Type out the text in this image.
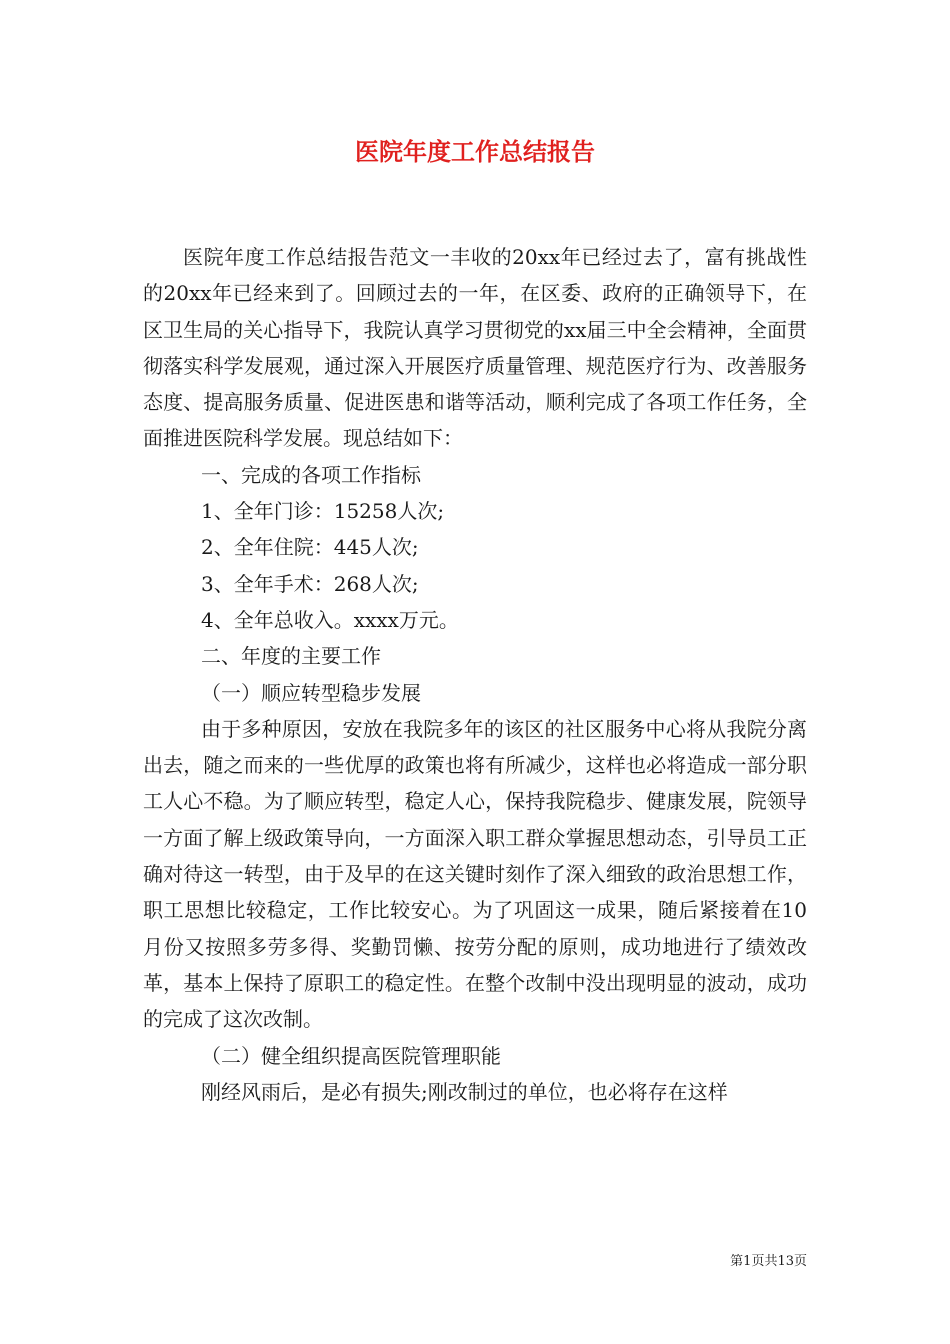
医院年度工作总结报告

医院年度工作总结报告范文一丰收的20xx年已经过去了，富有挑战性的20xx年已经来到了。回顾过去的一年，在区委、政府的正确领导下，在区卫生局的关心指导下，我院认真学习贯彻党的xx届三中全会精神，全面贯彻落实科学发展观，通过深入开展医疗质量管理、规范医疗行为、改善服务态度、提高服务质量、促进医患和谐等活动，顺利完成了各项工作任务，全面推进医院科学发展。现总结如下：

一、完成的各项工作指标

1、全年门诊：15258人次;

2、全年住院：445人次;

3、全年手术：268人次;

4、全年总收入。xxxx万元。

二、年度的主要工作

（一）顺应转型稳步发展

由于多种原因，安放在我院多年的该区的社区服务中心将从我院分离出去，随之而来的一些优厚的政策也将有所减少，这样也必将造成一部分职工人心不稳。为了顺应转型，稳定人心，保持我院稳步、健康发展，院领导一方面了解上级政策导向，一方面深入职工群众掌握思想动态，引导员工正确对待这一转型，由于及早的在这关键时刻作了深入细致的政治思想工作，职工思想比较稳定，工作比较安心。为了巩固这一成果，随后紧接着在10月份又按照多劳多得、奖勤罚懒、按劳分配的原则，成功地进行了绩效改革，基本上保持了原职工的稳定性。在整个改制中没出现明显的波动，成功的完成了这次改制。

（二）健全组织提高医院管理职能

刚经风雨后，是必有损失;刚改制过的单位，也必将存在这样

第1页共13页
